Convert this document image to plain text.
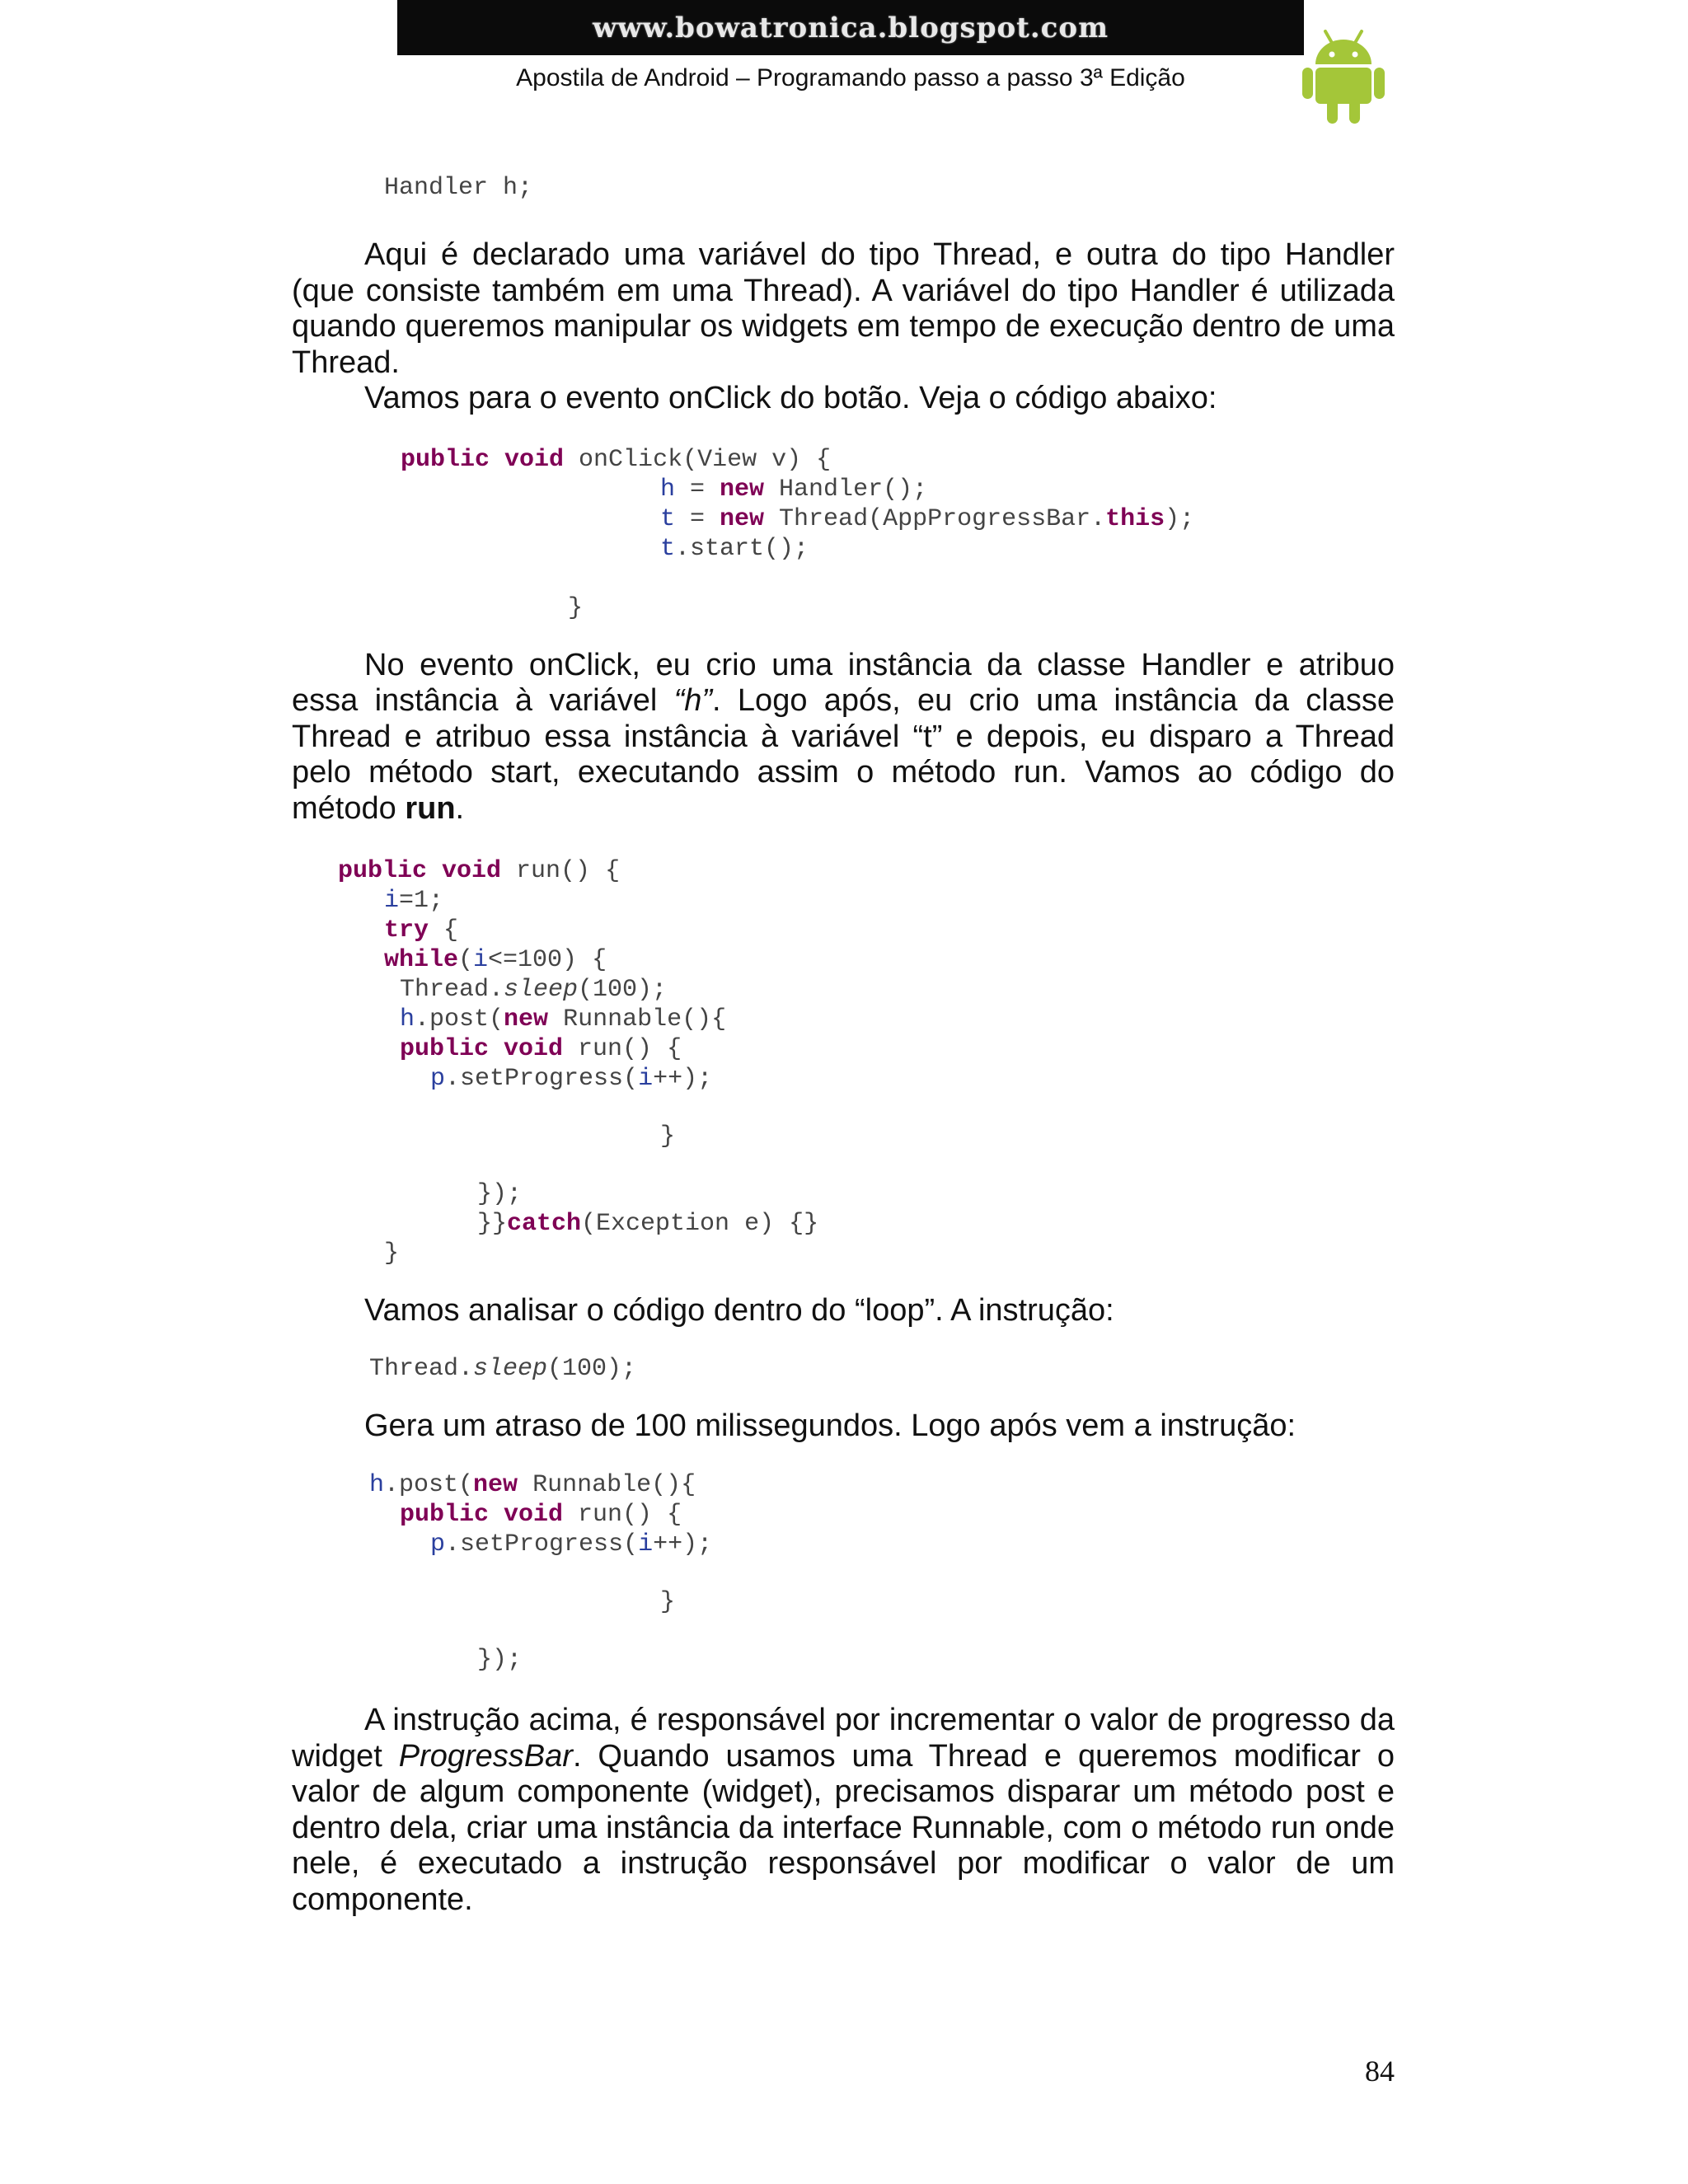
www.bowatronica.blogspot.com
Apostila de Android – Programando passo a passo 3ª Edição
Handler h;

Aqui é declarado uma variável do tipo Thread, e outra do tipo Handler (que consiste também em uma Thread). A variável do tipo Handler é utilizada quando queremos manipular os widgets em tempo de execução dentro de uma Thread.

Vamos para o evento onClick do botão. Veja o código abaixo:

public void onClick(View v) {
h = new Handler();
t = new Thread(AppProgressBar.this);
t.start();
}

No evento onClick, eu crio uma instância da classe Handler e atribuo essa instância à variável “h”. Logo após, eu crio uma instância da classe Thread e atribuo essa instância à variável “t” e depois, eu disparo a Thread pelo método start, executando assim o método run. Vamos ao código do método run.

public void run() {
i=1;
try {
while(i<=100) {
Thread.sleep(100);
h.post(new Runnable(){
public void run() {
p.setProgress(i++);
}
});
}}catch(Exception e) {}
}

Vamos analisar o código dentro do “loop”. A instrução:

Thread.sleep(100);

Gera um atraso de 100 milissegundos. Logo após vem a instrução:

h.post(new Runnable(){
public void run() {
p.setProgress(i++);
}
});

A instrução acima, é responsável por incrementar o valor de progresso da widget ProgressBar. Quando usamos uma Thread e queremos modificar o valor de algum componente (widget), precisamos disparar um método post e dentro dela, criar uma instância da interface Runnable, com o método run onde nele, é executado a instrução responsável por modificar o valor de um componente.

84
